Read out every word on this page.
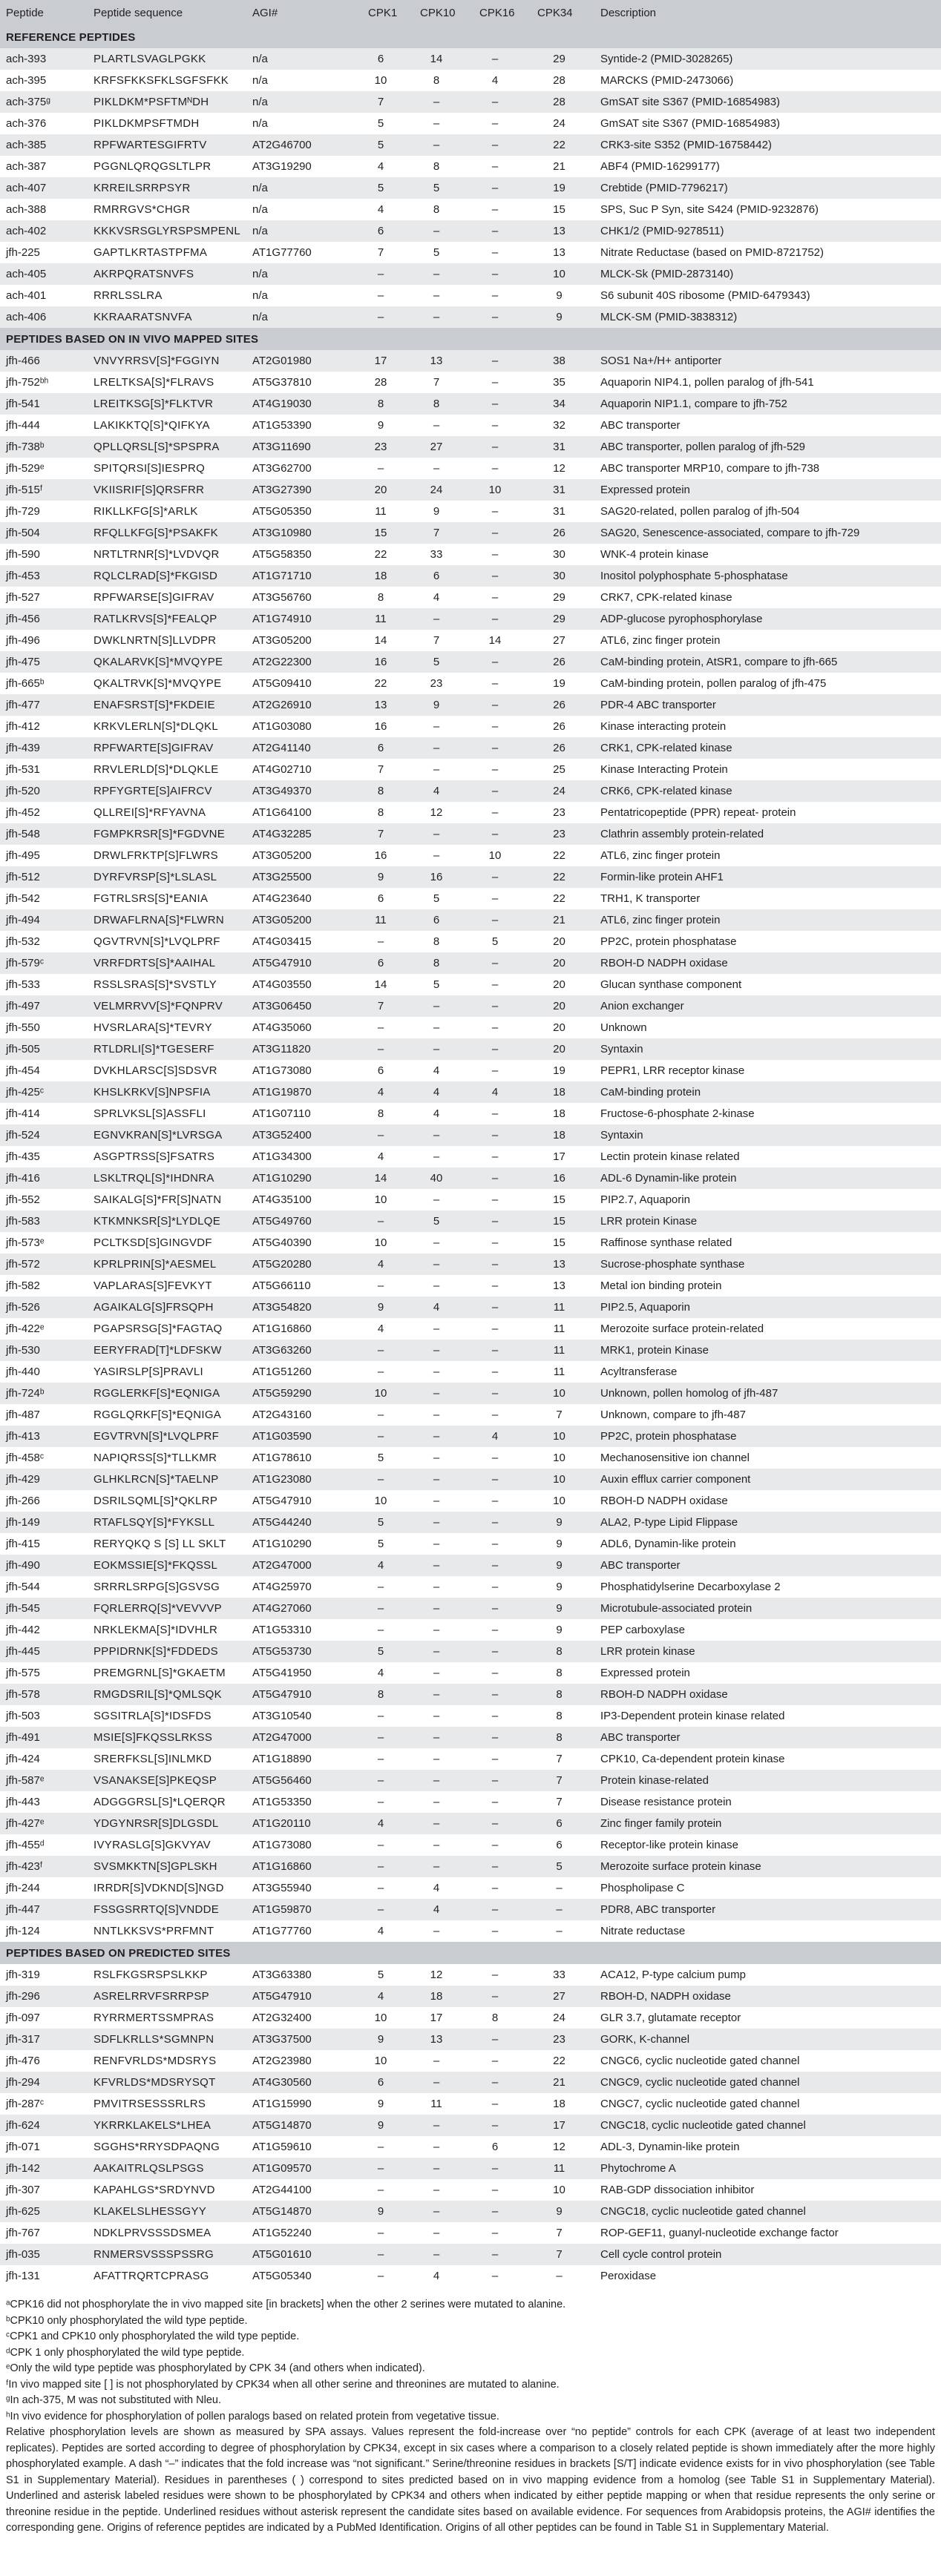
Peptide	Peptide sequence	AGI#	CPK1	CPK10	CPK16	CPK34	Description
REFERENCE PEPTIDES							
ach-393	PLARTLSVAGLPGKK	n/a	6	14	–	29	Syntide-2 (PMID-3028265)
ach-395	KRFSFKKSFKLSGFSFKK	n/a	10	8	4	28	MARCKS (PMID-2473066)
ach-375ᵍ	PIKLDKM*PSFTMᴺDH	n/a	7	–	–	28	GmSAT site S367 (PMID-16854983)
ach-376	PIKLDKMPSFTMDH	n/a	5	–	–	24	GmSAT site S367 (PMID-16854983)
ach-385	RPFWARTESGIFRTV	AT2G46700	5	–	–	22	CRK3-site S352 (PMID-16758442)
ach-387	PGGNLQRQGSLTLPR	AT3G19290	4	8	–	21	ABF4 (PMID-16299177)
ach-407	KRREILSRRPSYR	n/a	5	5	–	19	Crebtide (PMID-7796217)
ach-388	RMRRGVS*CHGR	n/a	4	8	–	15	SPS, Suc P Syn, site S424 (PMID-9232876)
ach-402	KKKVSRSGLYRSPSMPENL	n/a	6	–	–	13	CHK1/2 (PMID-9278511)
jfh-225	GAPTLKRTASTPFMA	AT1G77760	7	5	–	13	Nitrate Reductase (based on PMID-8721752)
ach-405	AKRPQRATSNVFS	n/a	–	–	–	10	MLCK-Sk (PMID-2873140)
ach-401	RRRLSSLRA	n/a	–	–	–	9	S6 subunit 40S ribosome (PMID-6479343)
ach-406	KKRAARATSNVFA	n/a	–	–	–	9	MLCK-SM (PMID-3838312)
PEPTIDES BASED ON IN VIVO MAPPED SITES							
jfh-466	VNVYRRSV[S]*FGGIYN	AT2G01980	17	13	–	38	SOS1 Na+/H+ antiporter
jfh-752ᵇʰ	LRELTKSA[S]*FLRAVS	AT5G37810	28	7	–	35	Aquaporin NIP4.1, pollen paralog of jfh-541
jfh-541	LREITKSG[S]*FLKTVR	AT4G19030	8	8	–	34	Aquaporin NIP1.1, compare to jfh-752
jfh-444	LAKIKKTQ[S]*QIFKYA	AT1G53390	9	–	–	32	ABC transporter
jfh-738ᵇ	QPLLQRSL[S]*SPSPRA	AT3G11690	23	27	–	31	ABC transporter, pollen paralog of jfh-529
jfh-529ᵉ	SPITQRSI[S]IESPRQ	AT3G62700	–	–	–	12	ABC transporter MRP10, compare to jfh-738
jfh-515ᶠ	VKIISRIF[S]QRSFRR	AT3G27390	20	24	10	31	Expressed protein
jfh-729	RIKLLKFG[S]*ARLK	AT5G05350	11	9	–	31	SAG20-related, pollen paralog of jfh-504
jfh-504	RFQLLKFG[S]*PSAKFK	AT3G10980	15	7	–	26	SAG20, Senescence-associated, compare to jfh-729
jfh-590	NRTLTRNR[S]*LVDVQR	AT5G58350	22	33	–	30	WNK-4 protein kinase
jfh-453	RQLCLRAD[S]*FKGISD	AT1G71710	18	6	–	30	Inositol polyphosphate 5-phosphatase
jfh-527	RPFWARSE[S]GIFRAV	AT3G56760	8	4	–	29	CRK7, CPK-related kinase
jfh-456	RATLKRVS[S]*FEALQP	AT1G74910	11	–	–	29	ADP-glucose pyrophosphorylase
jfh-496	DWKLNRTN[S]LLVDPR	AT3G05200	14	7	14	27	ATL6, zinc finger protein
jfh-475	QKALARVK[S]*MVQYPE	AT2G22300	16	5	–	26	CaM-binding protein, AtSR1, compare to jfh-665
jfh-665ᵇ	QKALTRVK[S]*MVQYPE	AT5G09410	22	23	–	19	CaM-binding protein, pollen paralog of jfh-475
jfh-477	ENAFSRST[S]*FKDEIE	AT2G26910	13	9	–	26	PDR-4 ABC transporter
jfh-412	KRKVLERLN[S]*DLQKL	AT1G03080	16	–	–	26	Kinase interacting protein
jfh-439	RPFWARTE[S]GIFRAV	AT2G41140	6	–	–	26	CRK1, CPK-related kinase
jfh-531	RRVLERLD[S]*DLQKLE	AT4G02710	7	–	–	25	Kinase Interacting Protein
jfh-520	RPFYGRTE[S]AIFRCV	AT3G49370	8	4	–	24	CRK6, CPK-related kinase
jfh-452	QLLREI[S]*RFYAVNA	AT1G64100	8	12	–	23	Pentatricopeptide (PPR) repeat- protein
jfh-548	FGMPKRSR[S]*FGDVNE	AT4G32285	7	–	–	23	Clathrin assembly protein-related
jfh-495	DRWLFRKTP[S]FLWRS	AT3G05200	16	–	10	22	ATL6, zinc finger protein
jfh-512	DYRFVRSP[S]*LSLASL	AT3G25500	9	16	–	22	Formin-like protein AHF1
jfh-542	FGTRLSRS[S]*EANIA	AT4G23640	6	5	–	22	TRH1, K transporter
jfh-494	DRWAFLRNA[S]*FLWRN	AT3G05200	11	6	–	21	ATL6, zinc finger protein
jfh-532	QGVTRVN[S]*LVQLPRF	AT4G03415	–	8	5	20	PP2C, protein phosphatase
jfh-579ᶜ	VRRFDRTS[S]*AAIHAL	AT5G47910	6	8	–	20	RBOH-D NADPH oxidase
jfh-533	RSSLSRAS[S]*SVSTLY	AT4G03550	14	5	–	20	Glucan synthase component
jfh-497	VELMRRVV[S]*FQNPRV	AT3G06450	7	–	–	20	Anion exchanger
jfh-550	HVSRLARA[S]*TEVRY	AT4G35060	–	–	–	20	Unknown
jfh-505	RTLDRLI[S]*TGESERF	AT3G11820	–	–	–	20	Syntaxin
jfh-454	DVKHLARSC[S]SDSVR	AT1G73080	6	4	–	19	PEPR1, LRR receptor kinase
jfh-425ᶜ	KHSLKRKV[S]NPSFIA	AT1G19870	4	4	4	18	CaM-binding protein
jfh-414	SPRLVKSL[S]ASSFLI	AT1G07110	8	4	–	18	Fructose-6-phosphate 2-kinase
jfh-524	EGNVKRAN[S]*LVRSGA	AT3G52400	–	–	–	18	Syntaxin
jfh-435	ASGPTRSS[S]FSATRS	AT1G34300	4	–	–	17	Lectin protein kinase related
jfh-416	LSKLTRQL[S]*IHDNRA	AT1G10290	14	40	–	16	ADL-6 Dynamin-like protein
jfh-552	SAIKALG[S]*FR[S]NATN	AT4G35100	10	–	–	15	PIP2.7, Aquaporin
jfh-583	KTKMNKSR[S]*LYDLQE	AT5G49760	–	5	–	15	LRR protein Kinase
jfh-573ᵉ	PCLTKSD[S]GINGVDF	AT5G40390	10	–	–	15	Raffinose synthase related
jfh-572	KPRLPRIN[S]*AESMEL	AT5G20280	4	–	–	13	Sucrose-phosphate synthase
jfh-582	VAPLARAS[S]FEVKYT	AT5G66110	–	–	–	13	Metal ion binding protein
jfh-526	AGAIKALG[S]FRSQPH	AT3G54820	9	4	–	11	PIP2.5, Aquaporin
jfh-422ᵉ	PGAPSRSG[S]*FAGTAQ	AT1G16860	4	–	–	11	Merozoite surface protein-related
jfh-530	EERYFRAD[T]*LDFSKW	AT3G63260	–	–	–	11	MRK1, protein Kinase
jfh-440	YASIRSLP[S]PRAVLI	AT1G51260	–	–	–	11	Acyltransferase
jfh-724ᵇ	RGGLERKF[S]*EQNIGA	AT5G59290	10	–	–	10	Unknown, pollen homolog of jfh-487
jfh-487	RGGLQRKF[S]*EQNIGA	AT2G43160	–	–	–	7	Unknown, compare to jfh-487
jfh-413	EGVTRVN[S]*LVQLPRF	AT1G03590	–	–	4	10	PP2C, protein phosphatase
jfh-458ᶜ	NAPIQRSS[S]*TLLKMR	AT1G78610	5	–	–	10	Mechanosensitive ion channel
jfh-429	GLHKLRCN[S]*TAELNP	AT1G23080	–	–	–	10	Auxin efflux carrier component
jfh-266	DSRILSQML[S]*QKLRP	AT5G47910	10	–	–	10	RBOH-D NADPH oxidase
jfh-149	RTAFLSQY[S]*FYKSLL	AT5G44240	5	–	–	9	ALA2, P-type Lipid Flippase
jfh-415	RERYQKQ S [S] LL SKLT	AT1G10290	5	–	–	9	ADL6, Dynamin-like protein
jfh-490	EOKMSSIE[S]*FKQSSL	AT2G47000	4	–	–	9	ABC transporter
jfh-544	SRRRLSRPG[S]GSVSG	AT4G25970	–	–	–	9	Phosphatidylserine Decarboxylase 2
jfh-545	FQRLERRQ[S]*VEVVVP	AT4G27060	–	–	–	9	Microtubule-associated protein
jfh-442	NRKLEKMA[S]*IDVHLR	AT1G53310	–	–	–	9	PEP carboxylase
jfh-445	PPPIDRNK[S]*FDDEDS	AT5G53730	5	–	–	8	LRR protein kinase
jfh-575	PREMGRNL[S]*GKAETM	AT5G41950	4	–	–	8	Expressed protein
jfh-578	RMGDSRIL[S]*QMLSQK	AT5G47910	8	–	–	8	RBOH-D NADPH oxidase
jfh-503	SGSITRLA[S]*IDSFDS	AT3G10540	–	–	–	8	IP3-Dependent protein kinase related
jfh-491	MSIE[S]FKQSSLRKSS	AT2G47000	–	–	–	8	ABC transporter
jfh-424	SRERFKSL[S]INLMKD	AT1G18890	–	–	–	7	CPK10, Ca-dependent protein kinase
jfh-587ᵉ	VSANAKSE[S]PKEQSP	AT5G56460	–	–	–	7	Protein kinase-related
jfh-443	ADGGGRSL[S]*LQERQR	AT1G53350	–	–	–	7	Disease resistance protein
jfh-427ᵉ	YDGYNRSR[S]DLGSDL	AT1G20110	4	–	–	6	Zinc finger family protein
jfh-455ᵈ	IVYRASLG[S]GKVYAV	AT1G73080	–	–	–	6	Receptor-like protein kinase
jfh-423ᶠ	SVSMKKTN[S]GPLSKH	AT1G16860	–	–	–	5	Merozoite surface protein kinase
jfh-244	IRRDR[S]VDKND[S]NGD	AT3G55940	–	4	–	–	Phospholipase C
jfh-447	FSSGSRRTQ[S]VNDDE	AT1G59870	–	4	–	–	PDR8, ABC transporter
jfh-124	NNTLKKSVS*PRFMNT	AT1G77760	4	–	–	–	Nitrate reductase
PEPTIDES BASED ON PREDICTED SITES							
jfh-319	RSLFKGSRSPSLKKP	AT3G63380	5	12	–	33	ACA12, P-type calcium pump
jfh-296	ASRELRRVFSRRPSP	AT5G47910	4	18	–	27	RBOH-D, NADPH oxidase
jfh-097	RYRRMERTSSMPRAS	AT2G32400	10	17	8	24	GLR 3.7, glutamate receptor
jfh-317	SDFLKRLLS*SGMNPN	AT3G37500	9	13	–	23	GORK, K-channel
jfh-476	RENFVRLDS*MDSRYS	AT2G23980	10	–	–	22	CNGC6, cyclic nucleotide gated channel
jfh-294	KFVRLDS*MDSRYSQT	AT4G30560	6	–	–	21	CNGC9, cyclic nucleotide gated channel
jfh-287ᶜ	PMVITRSESSSRLRS	AT1G15990	9	11	–	18	CNGC7, cyclic nucleotide gated channel
jfh-624	YKRRKLAKELS*LHEA	AT5G14870	9	–	–	17	CNGC18, cyclic nucleotide gated channel
jfh-071	SGGHS*RRYSDPAQNG	AT1G59610	–	–	6	12	ADL-3, Dynamin-like protein
jfh-142	AAKAITRLQSLPSGS	AT1G09570	–	–	–	11	Phytochrome A
jfh-307	KAPAHLGS*SRDYNVD	AT2G44100	–	–	–	10	RAB-GDP dissociation inhibitor
jfh-625	KLAKELSLHESSGYY	AT5G14870	9	–	–	9	CNGC18, cyclic nucleotide gated channel
jfh-767	NDKLPRVSSSDSMEA	AT1G52240	–	–	–	7	ROP-GEF11, guanyl-nucleotide exchange factor
jfh-035	RNMERSVSSSPSSRG	AT5G01610	–	–	–	7	Cell cycle control protein
jfh-131	AFATTRQRTCPRASG	AT5G05340	–	4	–	–	Peroxidase
ᵃCPK16 did not phosphorylate the in vivo mapped site [in brackets] when the other 2 serines were mutated to alanine.
ᵇCPK10 only phosphorylated the wild type peptide.
ᶜCPK1 and CPK10 only phosphorylated the wild type peptide.
ᵈCPK 1 only phosphorylated the wild type peptide.
ᵉOnly the wild type peptide was phosphorylated by CPK 34 (and others when indicated).
ᶠIn vivo mapped site [ ] is not phosphorylated by CPK34 when all other serine and threonines are mutated to alanine.
ᵍIn ach-375, M was not substituted with Nleu.
ʰIn vivo evidence for phosphorylation of pollen paralogs based on related protein from vegetative tissue.
Relative phosphorylation levels are shown as measured by SPA assays. Values represent the fold-increase over “no peptide” controls for each CPK (average of at least two independent replicates). Peptides are sorted according to degree of phosphorylation by CPK34, except in six cases where a comparison to a closely related peptide is shown immediately after the more highly phosphorylated example. A dash “–” indicates that the fold increase was “not significant.” Serine/threonine residues in brackets [S/T] indicate evidence exists for in vivo phosphorylation (see Table S1 in Supplementary Material). Residues in parentheses ( ) correspond to sites predicted based on in vivo mapping evidence from a homolog (see Table S1 in Supplementary Material). Underlined and asterisk labeled residues were shown to be phosphorylated by CPK34 and others when indicated by either peptide mapping or when that residue represents the only serine or threonine residue in the peptide. Underlined residues without asterisk represent the candidate sites based on available evidence. For sequences from Arabidopsis proteins, the AGI# identifies the corresponding gene. Origins of reference peptides are indicated by a PubMed Identification. Origins of all other peptides can be found in Table S1 in Supplementary Material.
